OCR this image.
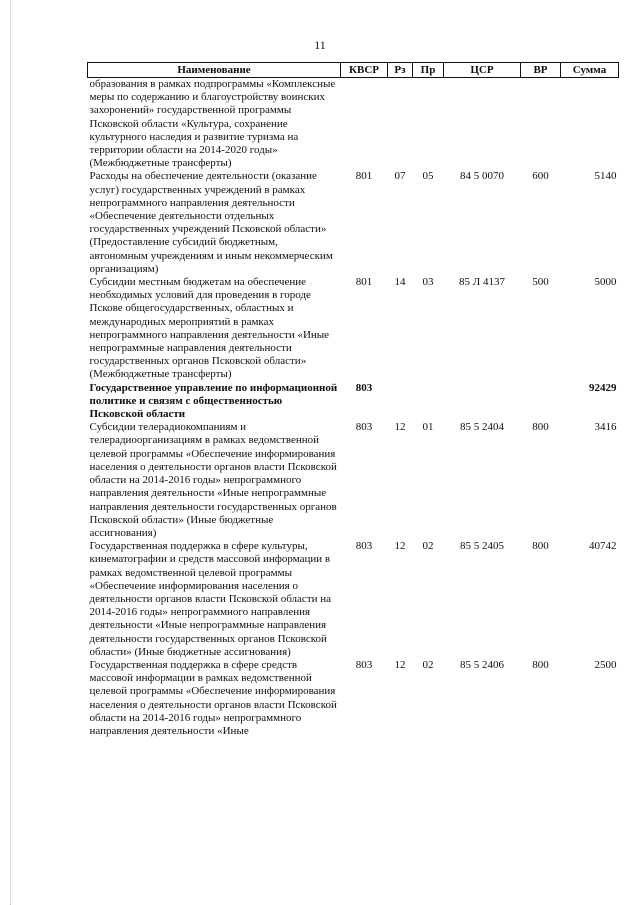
11
Наименование	КВСР	Рз	Пр	ЦСР	ВР	Сумма
образования в рамках подпрограммы «Комплексные меры по содержанию и благоустройству воинских захоронений» государственной программы Псковской области «Культура, сохранение культурного наследия и развитие туризма на территории области на 2014-2020 годы» (Межбюджетные трансферты)						
Расходы на обеспечение деятельности (оказание услуг) государственных учреждений в рамках непрограммного направления деятельности «Обеспечение деятельности отдельных государственных учреждений Псковской области» (Предоставление субсидий бюджетным, автономным учреждениям и иным некоммерческим организациям)	801	07	05	84 5 0070	600	5140
Субсидии местным бюджетам на обеспечение необходимых условий для проведения в городе Пскове общегосударственных, областных и международных мероприятий в рамках непрограммного направления деятельности «Иные непрограммные направления деятельности государственных органов Псковской области» (Межбюджетные трансферты)	801	14	03	85 Л 4137	500	5000
Государственное управление по информационной политике и связям с общественностью Псковской области	803					92429
Субсидии телерадиокомпаниям и телерадиоорганизациям в рамках ведомственной целевой программы «Обеспечение информирования населения о деятельности органов власти Псковской области на 2014-2016 годы» непрограммного направления деятельности «Иные непрограммные направления деятельности государственных органов Псковской области» (Иные бюджетные ассигнования)	803	12	01	85 5 2404	800	3416
Государственная поддержка в сфере культуры, кинематографии и средств массовой информации в рамках ведомственной целевой программы «Обеспечение информирования населения о деятельности органов власти Псковской области на 2014-2016 годы» непрограммного направления деятельности «Иные непрограммные направления деятельности государственных органов Псковской области» (Иные бюджетные ассигнования)	803	12	02	85 5 2405	800	40742
Государственная поддержка в сфере средств массовой информации в рамках ведомственной целевой программы «Обеспечение информирования населения о деятельности органов власти Псковской области на 2014-2016 годы» непрограммного направления деятельности «Иные	803	12	02	85 5 2406	800	2500
